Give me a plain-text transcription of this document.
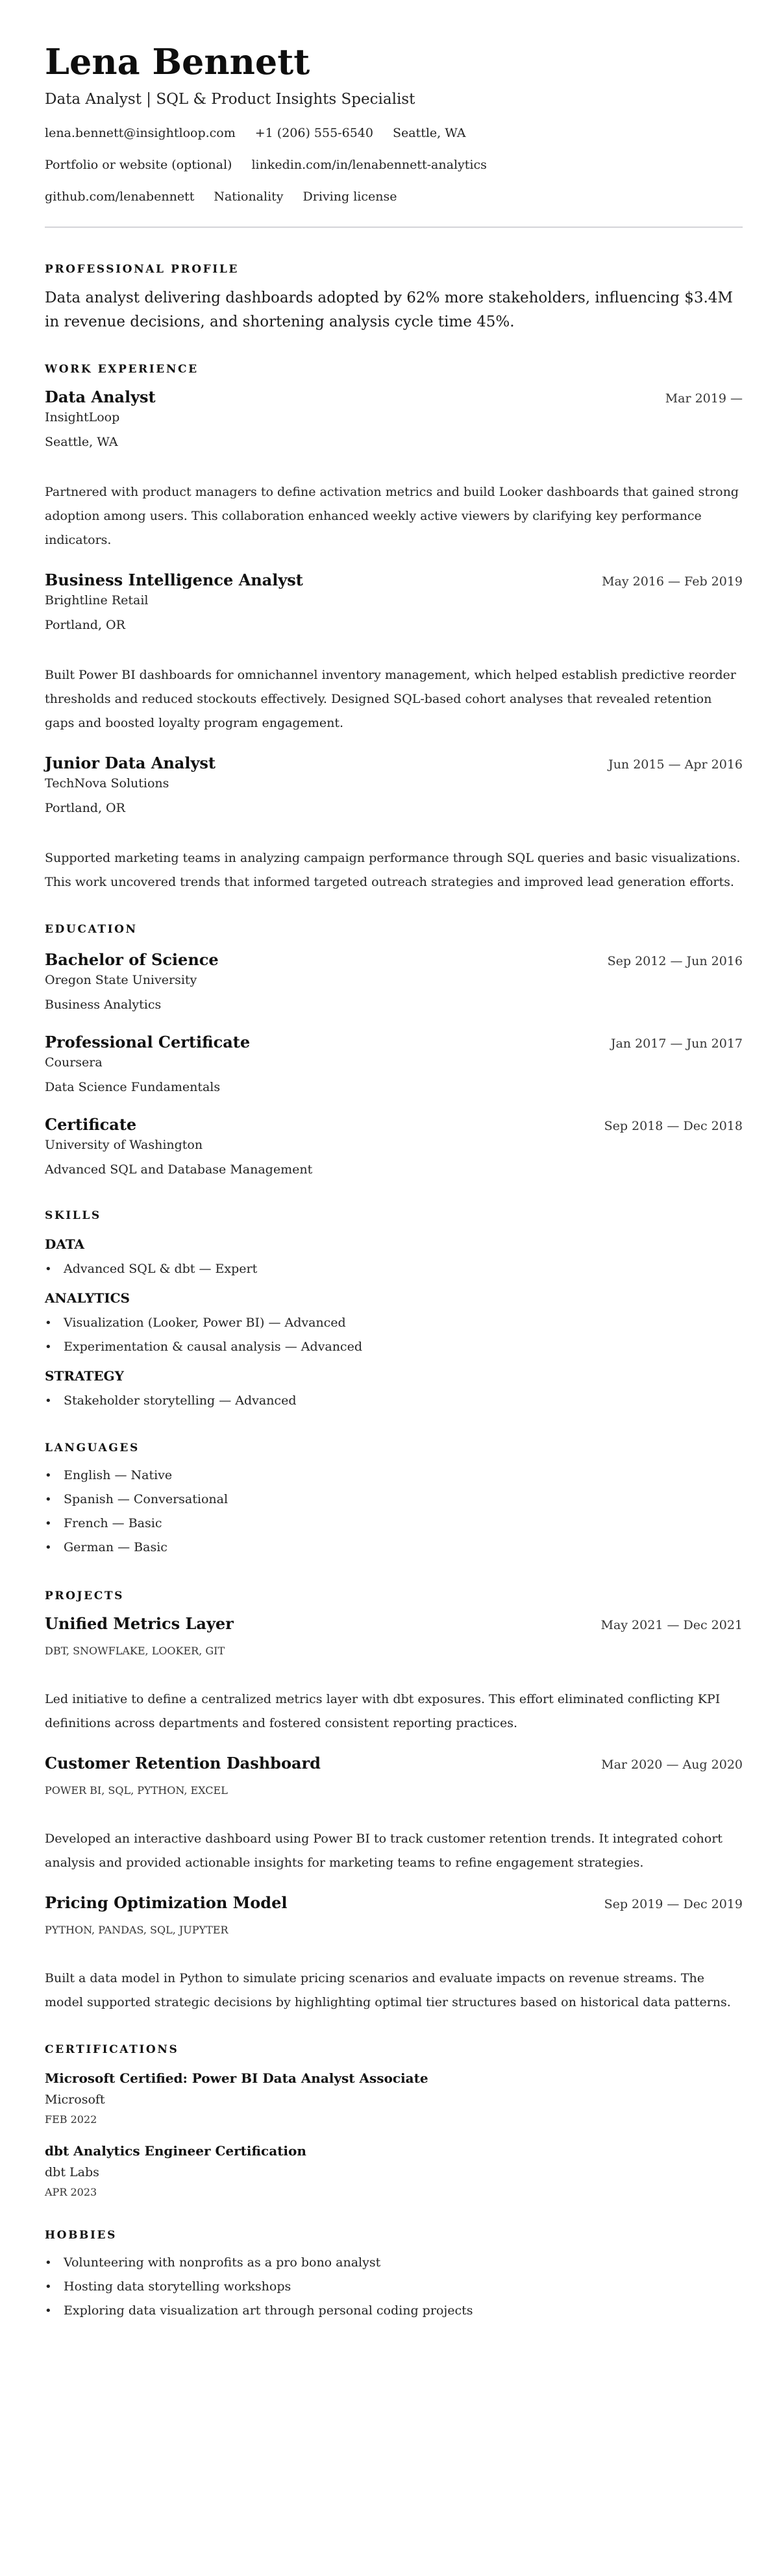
Lena Bennett
Data Analyst | SQL & Product Insights Specialist
lena.bennett@insightloop.com +1 (206) 555-6540 Seattle, WA
Portfolio or website (optional) linkedin.com/in/lenabennett-analytics
github.com/lenabennett Nationality Driving license
PROFESSIONAL PROFILE

Data analyst delivering dashboards adopted by 62% more stakeholders, influencing $3.4M in revenue decisions, and shortening analysis cycle time 45%.

WORK EXPERIENCE
Data Analyst	Mar 2019 —
InsightLoop
Seattle, WA

Partnered with product managers to define activation metrics and build Looker dashboards that gained strong adoption among users. This collaboration enhanced weekly active viewers by clarifying key performance indicators.

Business Intelligence Analyst	May 2016 — Feb 2019
Brightline Retail
Portland, OR

Built Power BI dashboards for omnichannel inventory management, which helped establish predictive reorder thresholds and reduced stockouts effectively. Designed SQL-based cohort analyses that revealed retention gaps and boosted loyalty program engagement.

Junior Data Analyst	Jun 2015 — Apr 2016
TechNova Solutions
Portland, OR

Supported marketing teams in analyzing campaign performance through SQL queries and basic visualizations. This work uncovered trends that informed targeted outreach strategies and improved lead generation efforts.

EDUCATION
Bachelor of Science	Sep 2012 — Jun 2016
Oregon State University
Business Analytics
Professional Certificate	Jan 2017 — Jun 2017
Coursera
Data Science Fundamentals
Certificate	Sep 2018 — Dec 2018
University of Washington
Advanced SQL and Database Management
SKILLS
DATA
• Advanced SQL & dbt — Expert
ANALYTICS
• Visualization (Looker, Power BI) — Advanced
• Experimentation & causal analysis — Advanced
STRATEGY
• Stakeholder storytelling — Advanced
LANGUAGES
• English — Native
• Spanish — Conversational
• French — Basic
• German — Basic
PROJECTS
Unified Metrics Layer	May 2021 — Dec 2021
DBT, SNOWFLAKE, LOOKER, GIT

Led initiative to define a centralized metrics layer with dbt exposures. This effort eliminated conflicting KPI definitions across departments and fostered consistent reporting practices.

Customer Retention Dashboard	Mar 2020 — Aug 2020
POWER BI, SQL, PYTHON, EXCEL

Developed an interactive dashboard using Power BI to track customer retention trends. It integrated cohort analysis and provided actionable insights for marketing teams to refine engagement strategies.

Pricing Optimization Model	Sep 2019 — Dec 2019
PYTHON, PANDAS, SQL, JUPYTER

Built a data model in Python to simulate pricing scenarios and evaluate impacts on revenue streams. The model supported strategic decisions by highlighting optimal tier structures based on historical data patterns.

CERTIFICATIONS
Microsoft Certified: Power BI Data Analyst Associate
Microsoft
FEB 2022
dbt Analytics Engineer Certification
dbt Labs
APR 2023
HOBBIES
• Volunteering with nonprofits as a pro bono analyst
• Hosting data storytelling workshops
• Exploring data visualization art through personal coding projects
